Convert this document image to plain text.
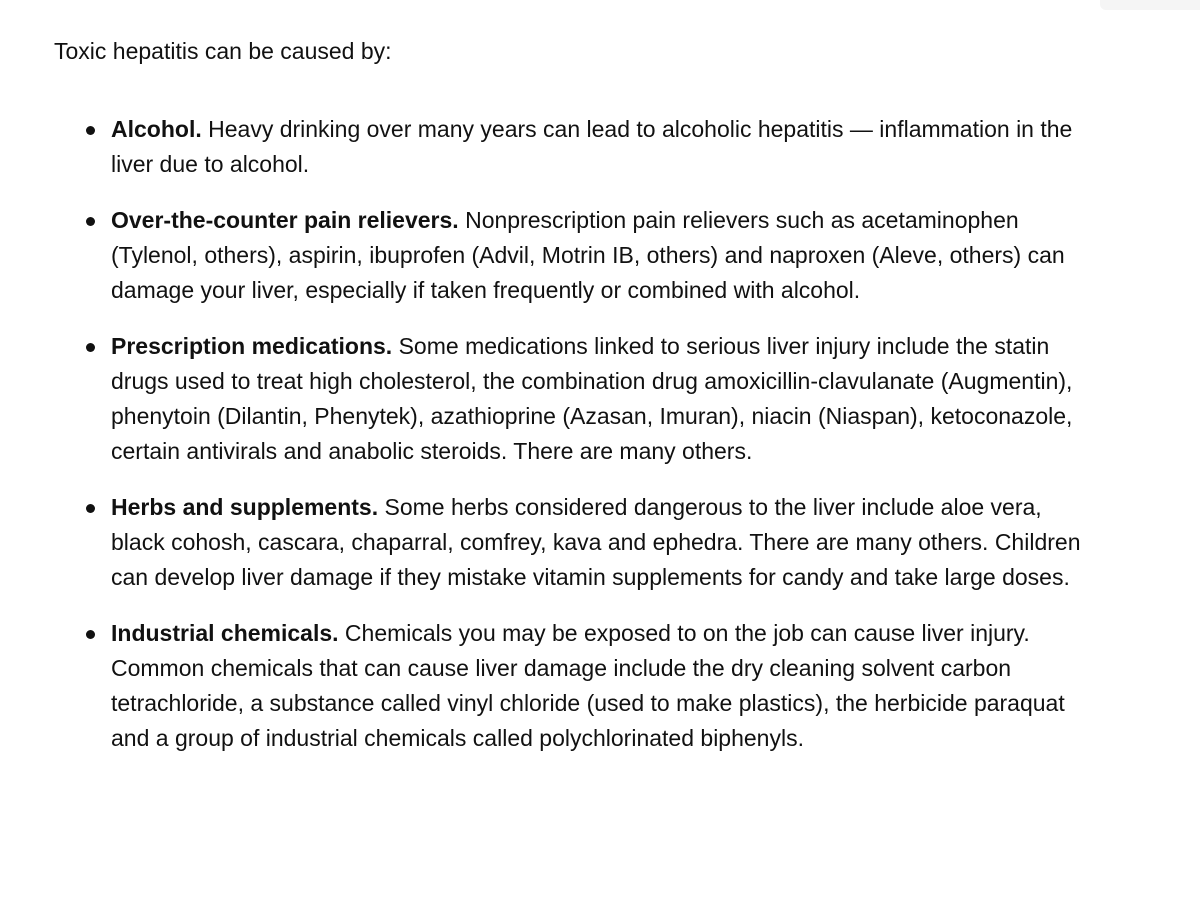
Toxic hepatitis can be caused by:

Alcohol. Heavy drinking over many years can lead to alcoholic hepatitis — inflammation in the liver due to alcohol.
Over-the-counter pain relievers. Nonprescription pain relievers such as acetaminophen (Tylenol, others), aspirin, ibuprofen (Advil, Motrin IB, others) and naproxen (Aleve, others) can damage your liver, especially if taken frequently or combined with alcohol.
Prescription medications. Some medications linked to serious liver injury include the statin drugs used to treat high cholesterol, the combination drug amoxicillin-clavulanate (Augmentin), phenytoin (Dilantin, Phenytek), azathioprine (Azasan, Imuran), niacin (Niaspan), ketoconazole, certain antivirals and anabolic steroids. There are many others.
Herbs and supplements. Some herbs considered dangerous to the liver include aloe vera, black cohosh, cascara, chaparral, comfrey, kava and ephedra. There are many others. Children can develop liver damage if they mistake vitamin supplements for candy and take large doses.
Industrial chemicals. Chemicals you may be exposed to on the job can cause liver injury. Common chemicals that can cause liver damage include the dry cleaning solvent carbon tetrachloride, a substance called vinyl chloride (used to make plastics), the herbicide paraquat and a group of industrial chemicals called polychlorinated biphenyls.
